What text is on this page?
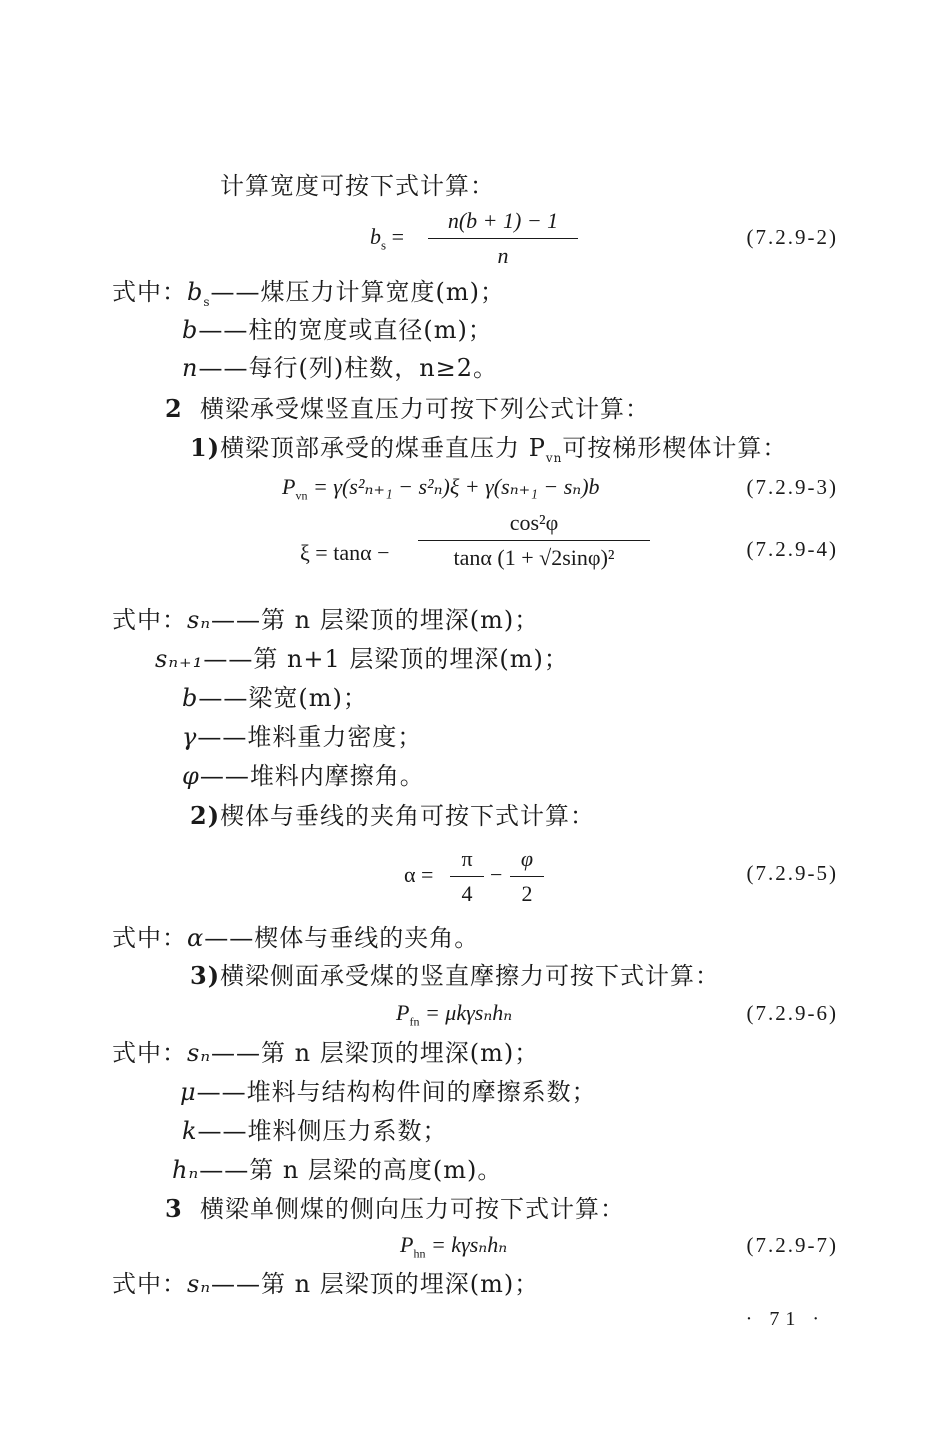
计算宽度可按下式计算：
$b_s$ =
n(b + 1) − 1
n
(7.2.9-2)
式中：$b_s——$煤压力计算宽度(m)；
b——柱的宽度或直径(m)；
n——每行(列)柱数，n≥2。
2 横梁承受煤竖直压力可按下列公式计算：
1)横梁顶部承受的煤垂直压力 $P_{vn}$可按梯形楔体计算：
$P_{vn} = \gamma(s^2_{n+1} - s^2_n)\xi + \gamma(s_{n+1} - s_n)b$	(7.2.9-3)
ξ = tanα −
cos²φ
tanα (1 + √2sinφ)²	(7.2.9-4)
式中：sₙ——第 n 层梁顶的埋深(m)；
sₙ₊₁——第 n+1 层梁顶的埋深(m)；
b——梁宽(m)；
γ——堆料重力密度；
φ——堆料内摩擦角。
2)楔体与垂线的夹角可按下式计算：
α =
π
4
−
φ
2
(7.2.9-5)
式中：α——楔体与垂线的夹角。
3)横梁侧面承受煤的竖直摩擦力可按下式计算：
$P_{fn} = \mu k\gamma s_nh_n$	(7.2.9-6)
式中：sₙ——第 n 层梁顶的埋深(m)；
μ——堆料与结构构件间的摩擦系数；
k——堆料侧压力系数；
hₙ——第 n 层梁的高度(m)。
3 横梁单侧煤的侧向压力可按下式计算：
$P_{hn} = k\gamma s_nh_n$	(7.2.9-7)
式中：sₙ——第 n 层梁顶的埋深(m)；
· 71 ·
